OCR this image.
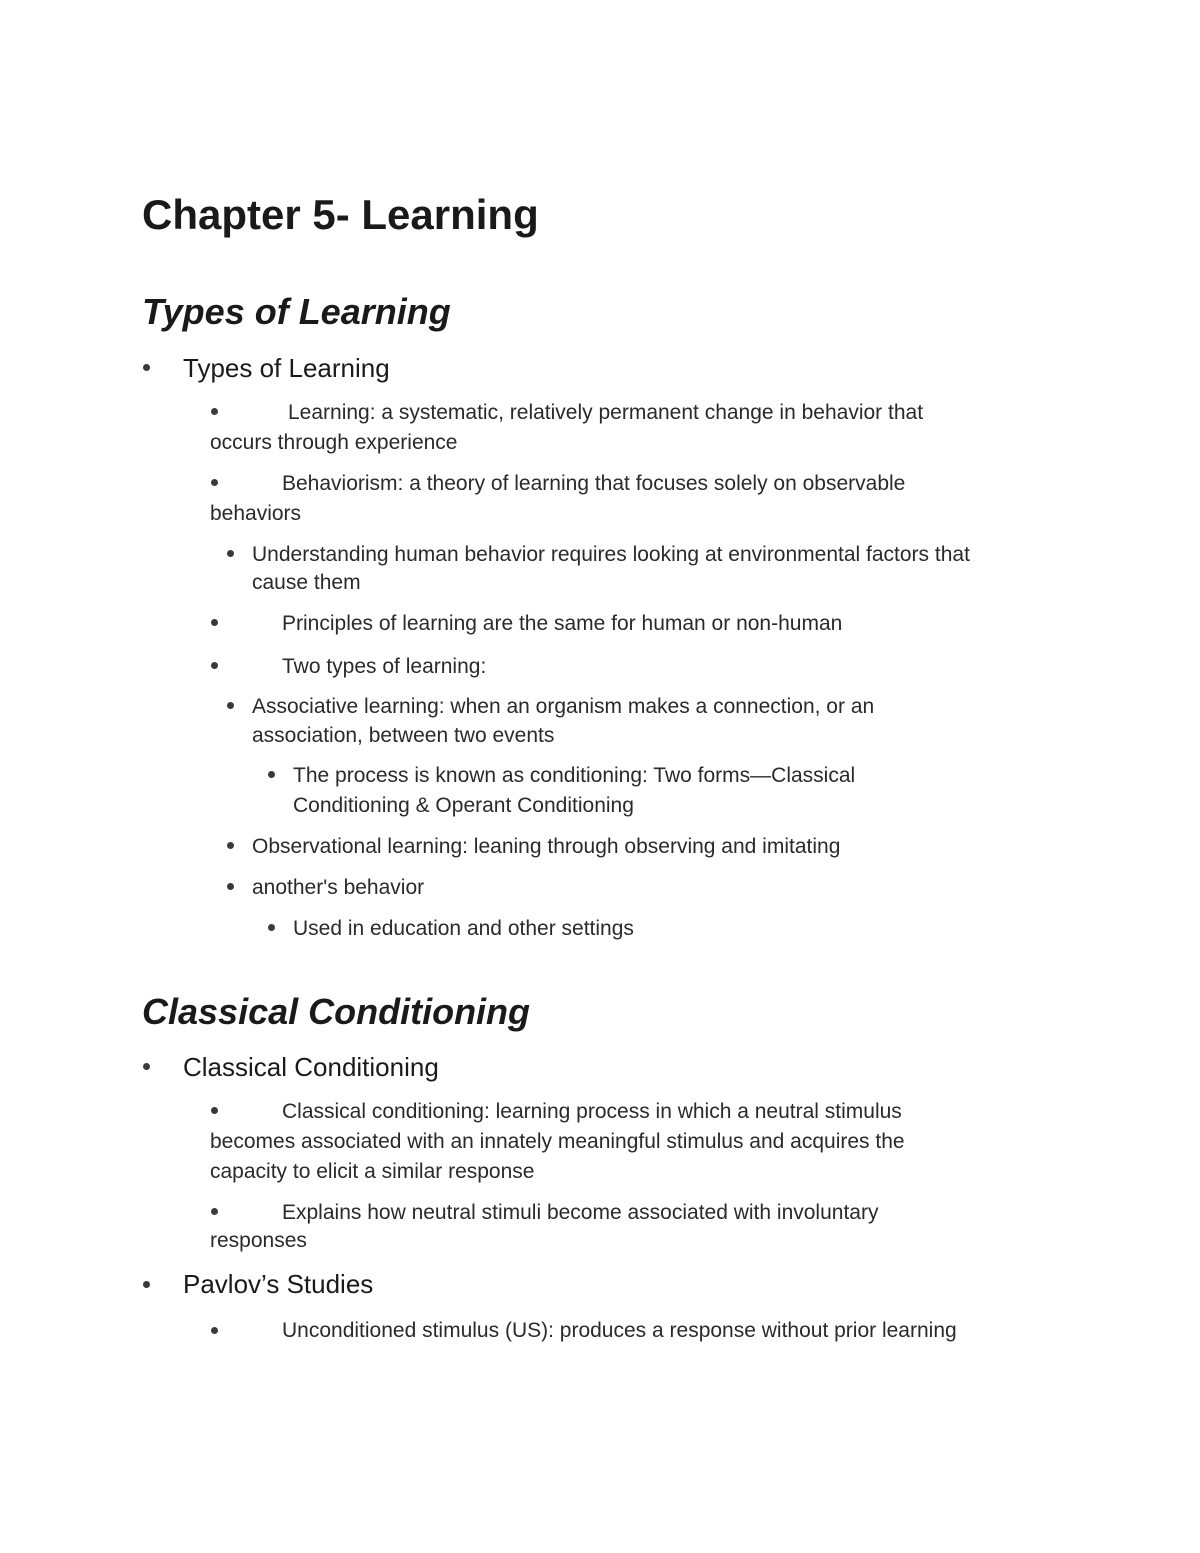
Chapter 5- Learning
Types of Learning
Types of Learning
Learning: a systematic, relatively permanent change in behavior that
occurs through experience
Behaviorism: a theory of learning that focuses solely on observable
behaviors
Understanding human behavior requires looking at environmental factors that
cause them
Principles of learning are the same for human or non-human
Two types of learning:
Associative learning: when an organism makes a connection, or an
association, between two events
The process is known as conditioning: Two forms—Classical
Conditioning & Operant Conditioning
Observational learning: leaning through observing and imitating
another's behavior
Used in education and other settings
Classical Conditioning
Classical Conditioning
Classical conditioning: learning process in which a neutral stimulus
becomes associated with an innately meaningful stimulus and acquires the
capacity to elicit a similar response
Explains how neutral stimuli become associated with involuntary
responses
Pavlov’s Studies
Unconditioned stimulus (US): produces a response without prior learning
